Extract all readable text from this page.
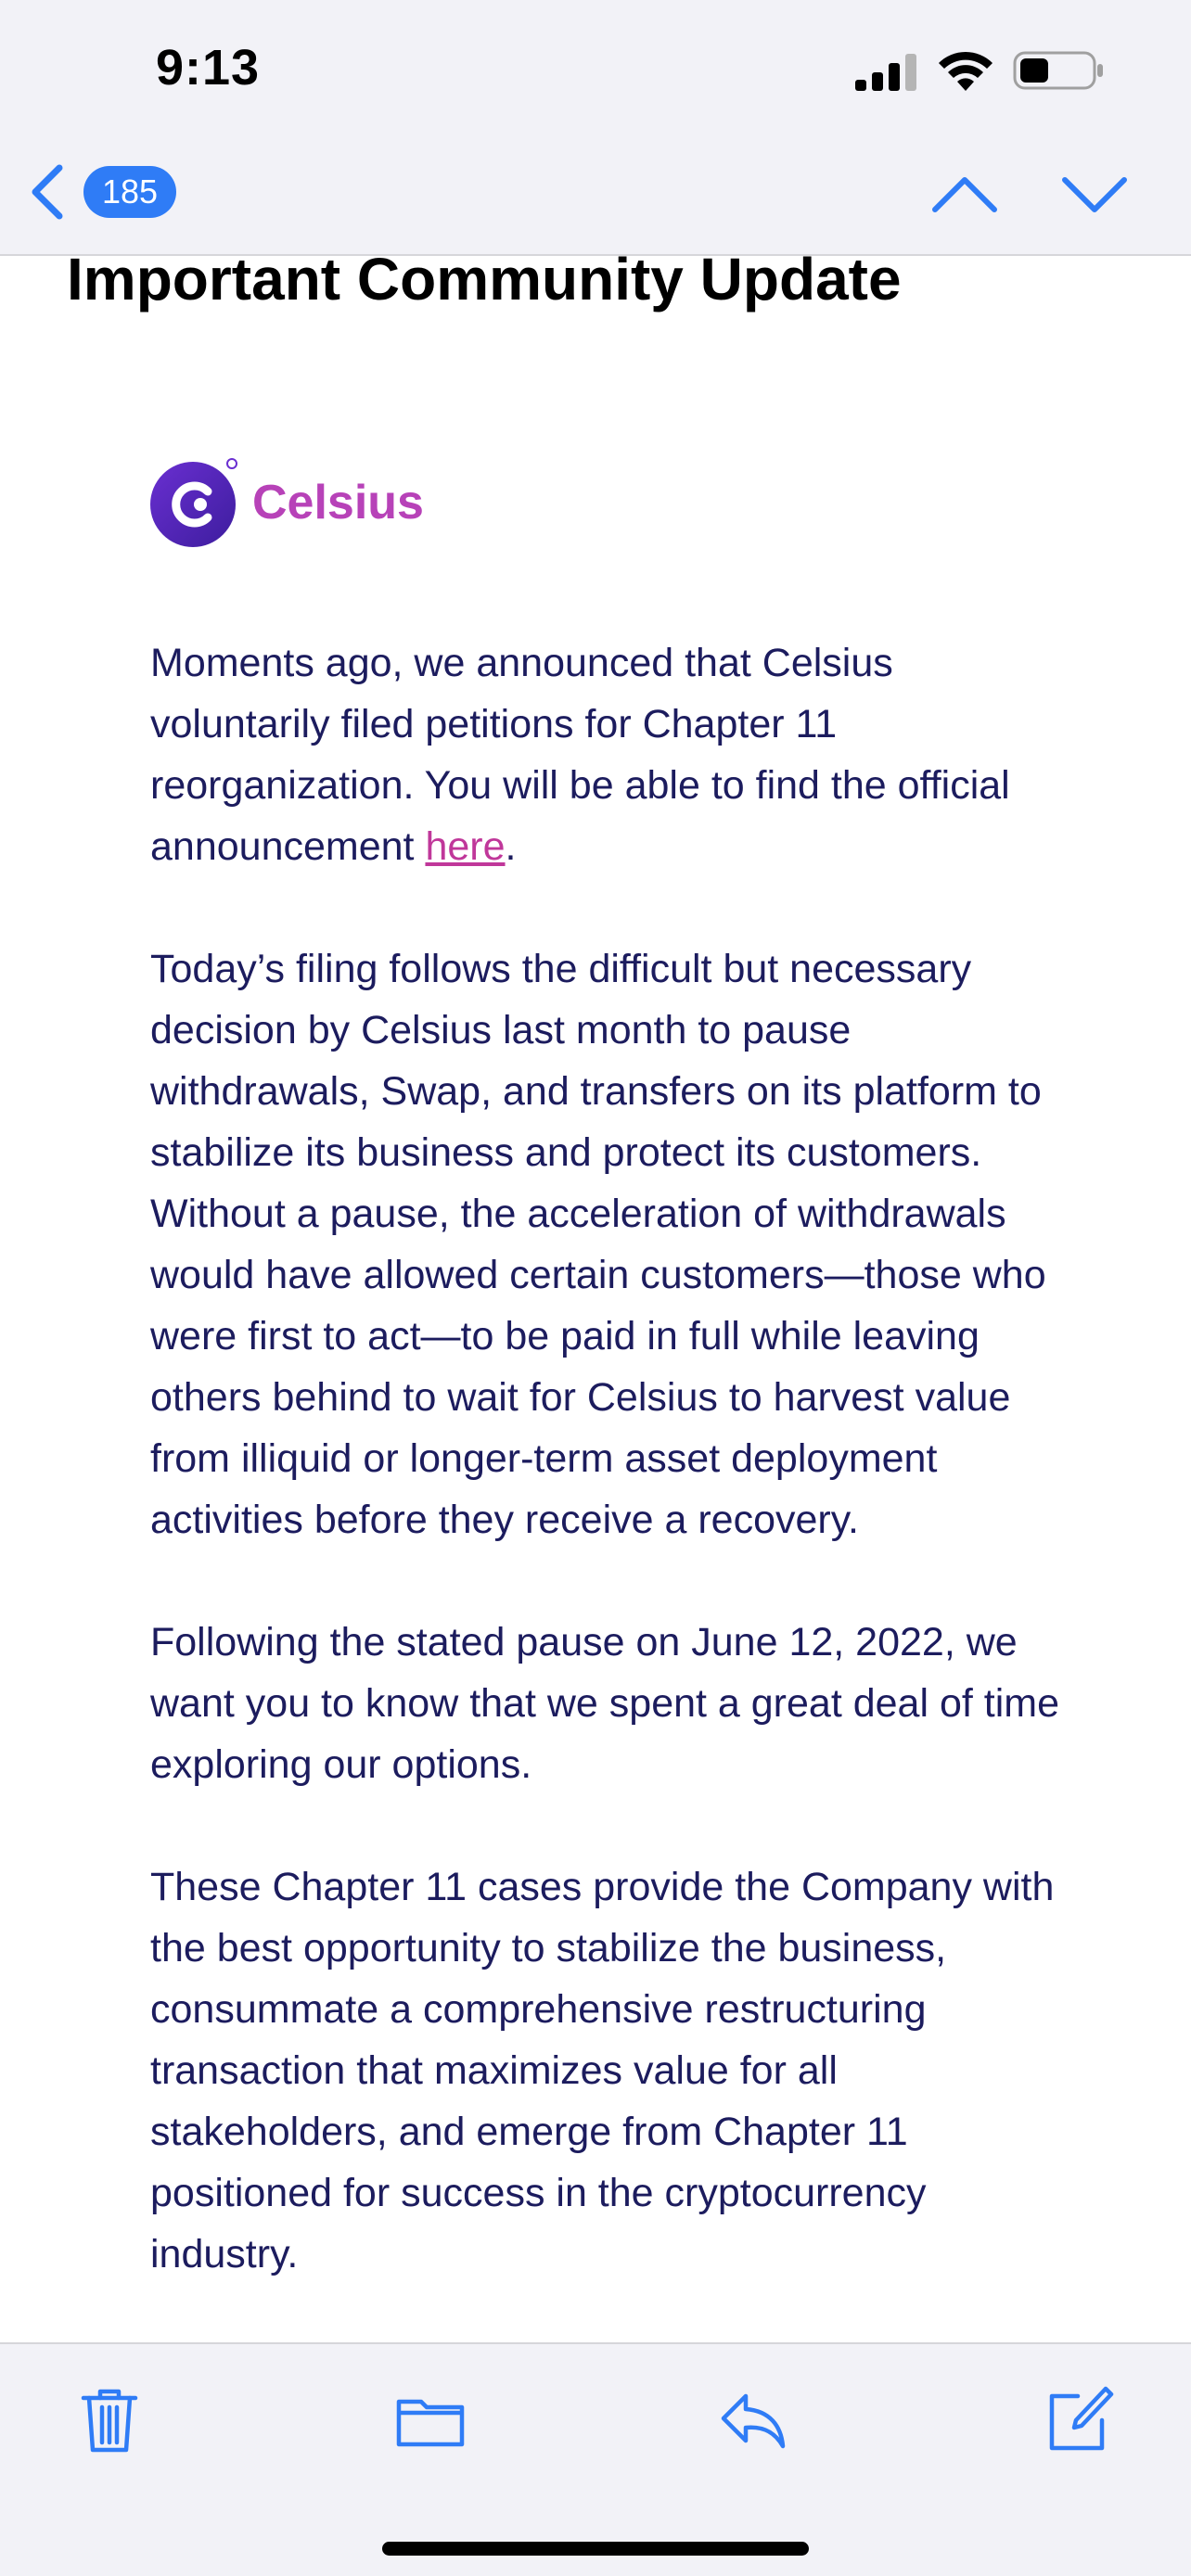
9:13
185
Important Community Update
Celsius

Moments ago, we announced that Celsius voluntarily filed petitions for Chapter 11 reorganization. You will be able to find the official announcement here.

Today’s filing follows the difficult but necessary decision by Celsius last month to pause withdrawals, Swap, and transfers on its platform to stabilize its business and protect its customers. Without a pause, the acceleration of withdrawals would have allowed certain customers—those who were first to act—to be paid in full while leaving others behind to wait for Celsius to harvest value from illiquid or longer-term asset deployment activities before they receive a recovery.

Following the stated pause on June 12, 2022, we want you to know that we spent a great deal of time exploring our options.

These Chapter 11 cases provide the Company with the best opportunity to stabilize the business, consummate a comprehensive restructuring transaction that maximizes value for all stakeholders, and emerge from Chapter 11 positioned for success in the cryptocurrency industry.
